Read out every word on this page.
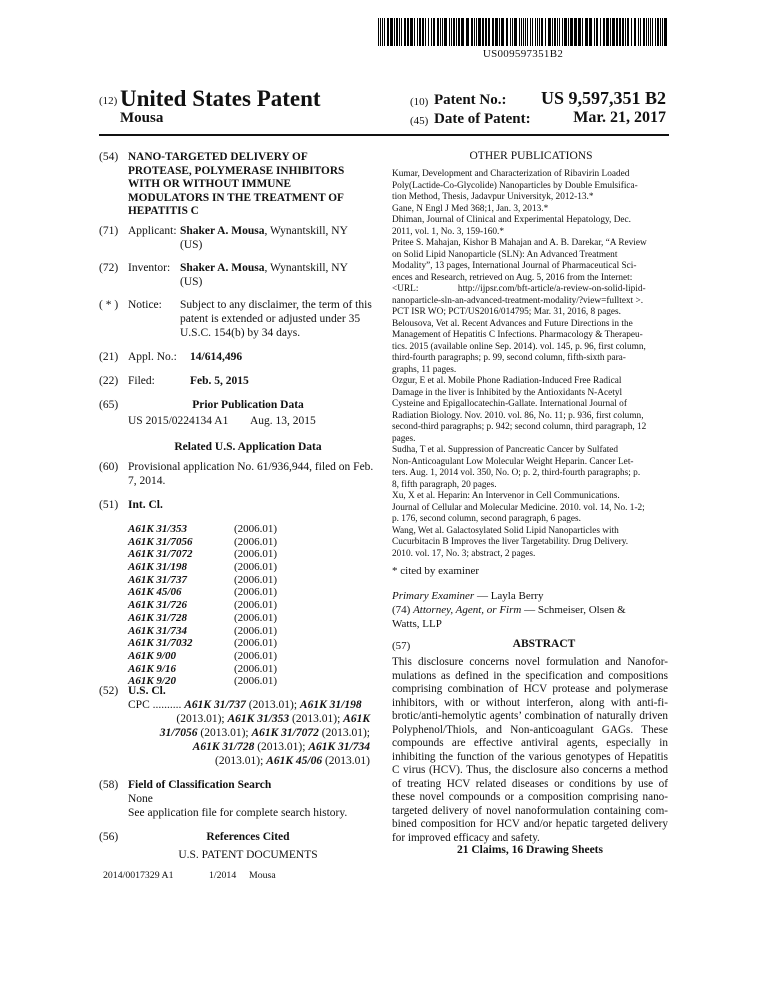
US009597351B2
(12) United States Patent
Mousa
(10) Patent No.: US 9,597,351 B2
(45) Date of Patent:	Mar. 21, 2017
(54) NANO-TARGETED DELIVERY OF PROTEASE, POLYMERASE INHIBITORS WITH OR WITHOUT IMMUNE MODULATORS IN THE TREATMENT OF HEPATITIS C
(71) Applicant: Shaker A. Mousa, Wynantskill, NY
(US)
(72) Inventor: Shaker A. Mousa, Wynantskill, NY
(US)
( * ) Notice: Subject to any disclaimer, the term of this
patent is extended or adjusted under 35
U.S.C. 154(b) by 34 days.
(21) Appl. No.: 14/614,496
(22) Filed:	Feb. 5, 2015
(65)	Prior Publication Data
US 2015/0224134 A1 Aug. 13, 2015
Related U.S. Application Data
(60) Provisional application No. 61/936,944, filed on Feb.
7, 2014.
(51) Int. Cl.
A61K 31/353	(2006.01)
A61K 31/7056	(2006.01)
A61K 31/7072	(2006.01)
A61K 31/198	(2006.01)
A61K 31/737	(2006.01)
A61K 45/06	(2006.01)
A61K 31/726	(2006.01)
A61K 31/728	(2006.01)
A61K 31/734	(2006.01)
A61K 31/7032	(2006.01)
A61K 9/00	(2006.01)
A61K 9/16	(2006.01)
A61K 9/20	(2006.01)
(52) U.S. Cl.
CPC .......... A61K 31/737 (2013.01); A61K 31/198
(2013.01); A61K 31/353 (2013.01); A61K
31/7056 (2013.01); A61K 31/7072 (2013.01);
A61K 31/728 (2013.01); A61K 31/734
(2013.01); A61K 45/06 (2013.01)
(58) Field of Classification Search
None
See application file for complete search history.
(56)	References Cited
U.S. PATENT DOCUMENTS
2014/0017329 A1	1/2014 Mousa
OTHER PUBLICATIONS
Kumar, Development and Characterization of Ribavirin Loaded
Poly(Lactide-Co-Glycolide) Nanoparticles by Double Emulsifica-
tion Method, Thesis, Jadavpur Universityk, 2012-13.*
Gane, N Engl J Med 368;1, Jan. 3, 2013.*
Dhiman, Journal of Clinical and Experimental Hepatology, Dec.
2011, vol. 1, No. 3, 159-160.*
Pritee S. Mahajan, Kishor B Mahajan and A. B. Darekar, “A Review
on Solid Lipid Nanoparticle (SLN): An Advanced Treatment
Modality”, 13 pages, International Journal of Pharmaceutical Sci-
ences and Research, retrieved on Aug. 5, 2016 from the Internet:
<URL:                 http://ijpsr.com/bft-article/a-review-on-solid-lipid-
nanoparticle-sln-an-advanced-treatment-modality/?view=fulltext >.
PCT ISR WO; PCT/US2016/014795; Mar. 31, 2016, 8 pages.
Belousova, Vet al. Recent Advances and Future Directions in the
Management of Hepatitis C Infections. Pharmacology & Therapeu-
tics. 2015 (available online Sep. 2014). vol. 145, p. 96, first column,
third-fourth paragraphs; p. 99, second column, fifth-sixth para-
graphs, 11 pages.
Ozgur, E et al. Mobile Phone Radiation-Induced Free Radical
Damage in the liver is Inhibited by the Antioxidants N-Acetyl
Cysteine and Epigallocatechin-Gallate. International Journal of
Radiation Biology. Nov. 2010. vol. 86, No. 11; p. 936, first column,
second-third paragraphs; p. 942; second column, third paragraph, 12
pages.
Sudha, T et al. Suppression of Pancreatic Cancer by Sulfated
Non-Anticoagulant Low Molecular Weight Heparin. Cancer Let-
ters. Aug. 1, 2014 vol. 350, No. O; p. 2, third-fourth paragraphs; p.
8, fifth paragraph, 20 pages.
Xu, X et al. Heparin: An Intervenor in Cell Communications.
Journal of Cellular and Molecular Medicine. 2010. vol. 14, No. 1-2;
p. 176, second column, second paragraph, 6 pages.
Wang, Wet al. Galactosylated Solid Lipid Nanoparticles with
Cucurbitacin B Improves the liver Targetability. Drug Delivery.
2010. vol. 17, No. 3; abstract, 2 pages.
* cited by examiner
Primary Examiner — Layla Berry
(74) Attorney, Agent, or Firm — Schmeiser, Olsen &
Watts, LLP
(57)	ABSTRACT
This disclosure concerns novel formulation and Nanofor-mulations as defined in the specification and compositions comprising combination of HCV protease and polymerase inhibitors, with or without interferon, along with anti-fi-brotic/anti-hemolytic agents’ combination of naturally driven Polyphenol/Thiols, and Non-anticoagulant GAGs. These compounds are effective antiviral agents, especially in inhibiting the function of the various genotypes of Hepatitis C virus (HCV). Thus, the disclosure also concerns a method of treating HCV related diseases or conditions by use of these novel compounds or a composition comprising nano-targeted delivery of novel nanoformulation containing com-bined composition for HCV and/or hepatic targeted delivery for improved efficacy and safety.
21 Claims, 16 Drawing Sheets
